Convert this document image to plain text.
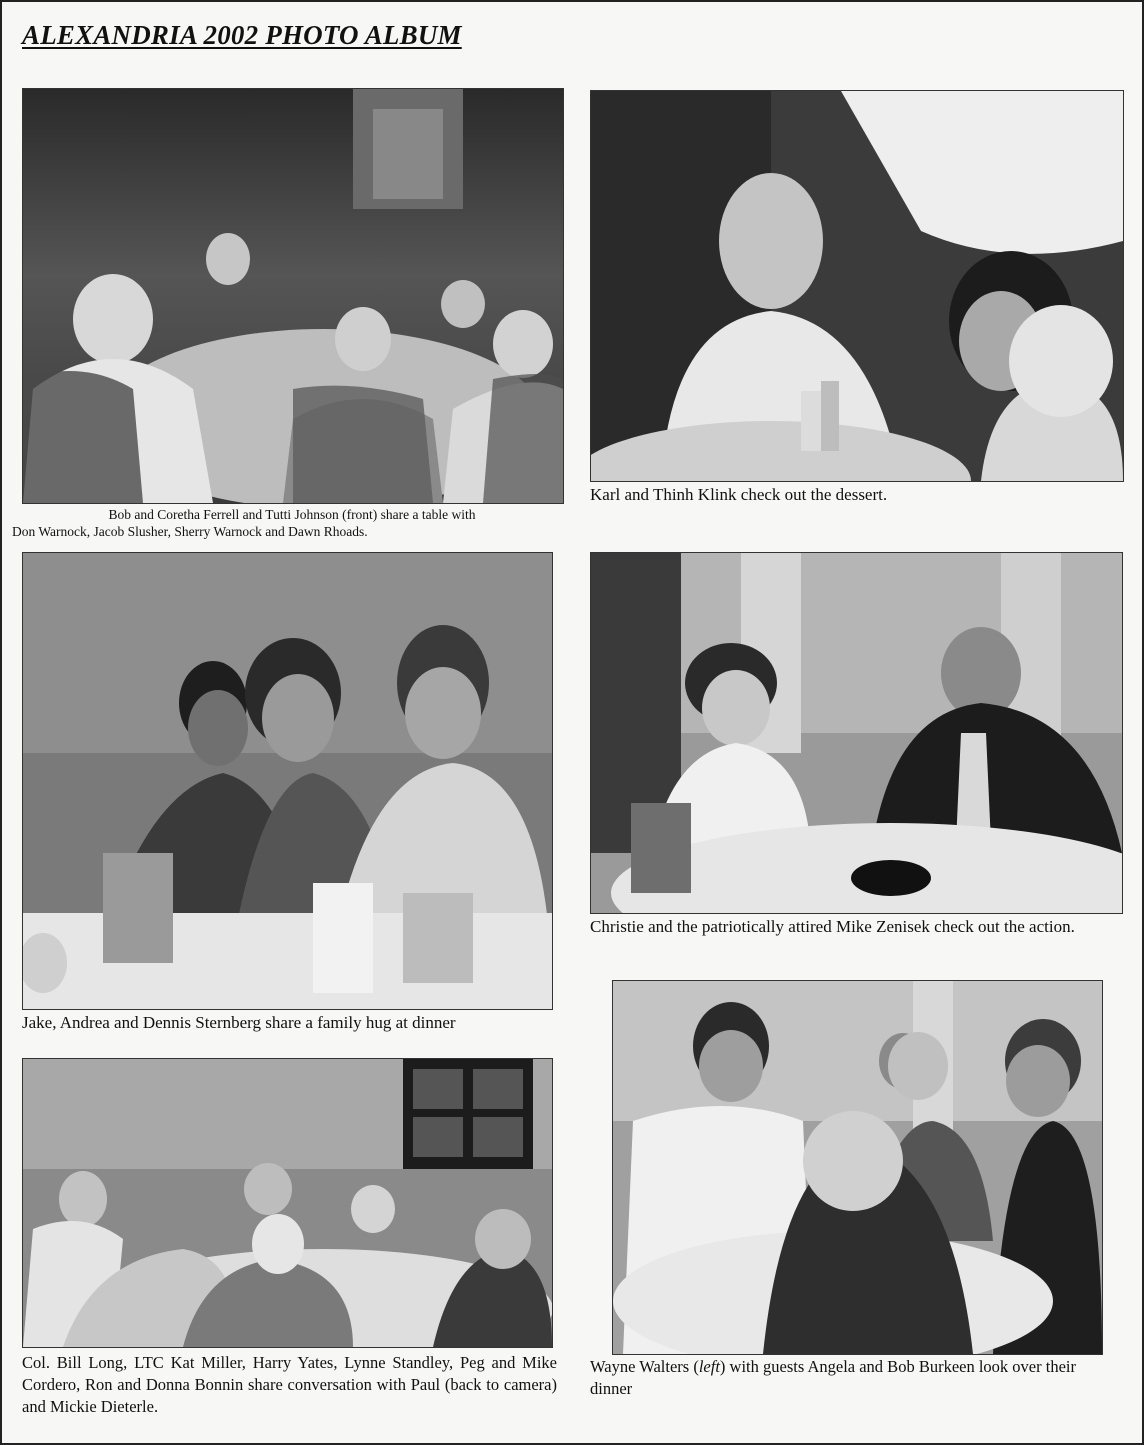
ALEXANDRIA 2002 PHOTO ALBUM

Bob and Coretha Ferrell and Tutti Johnson (front) share a table with
Don Warnock, Jacob Slusher, Sherry Warnock and Dawn Rhoads.

Karl and Thinh Klink check out the dessert.

Jake, Andrea and Dennis Sternberg share a family hug at dinner

Christie and the patriotically attired Mike Zenisek check out the action.

Col. Bill Long, LTC Kat Miller, Harry Yates, Lynne Standley, Peg and Mike Cordero, Ron and Donna Bonnin share conversation with Paul (back to camera) and Mickie Dieterle.

Wayne Walters (left) with guests Angela and Bob Burkeen look over their dinner
